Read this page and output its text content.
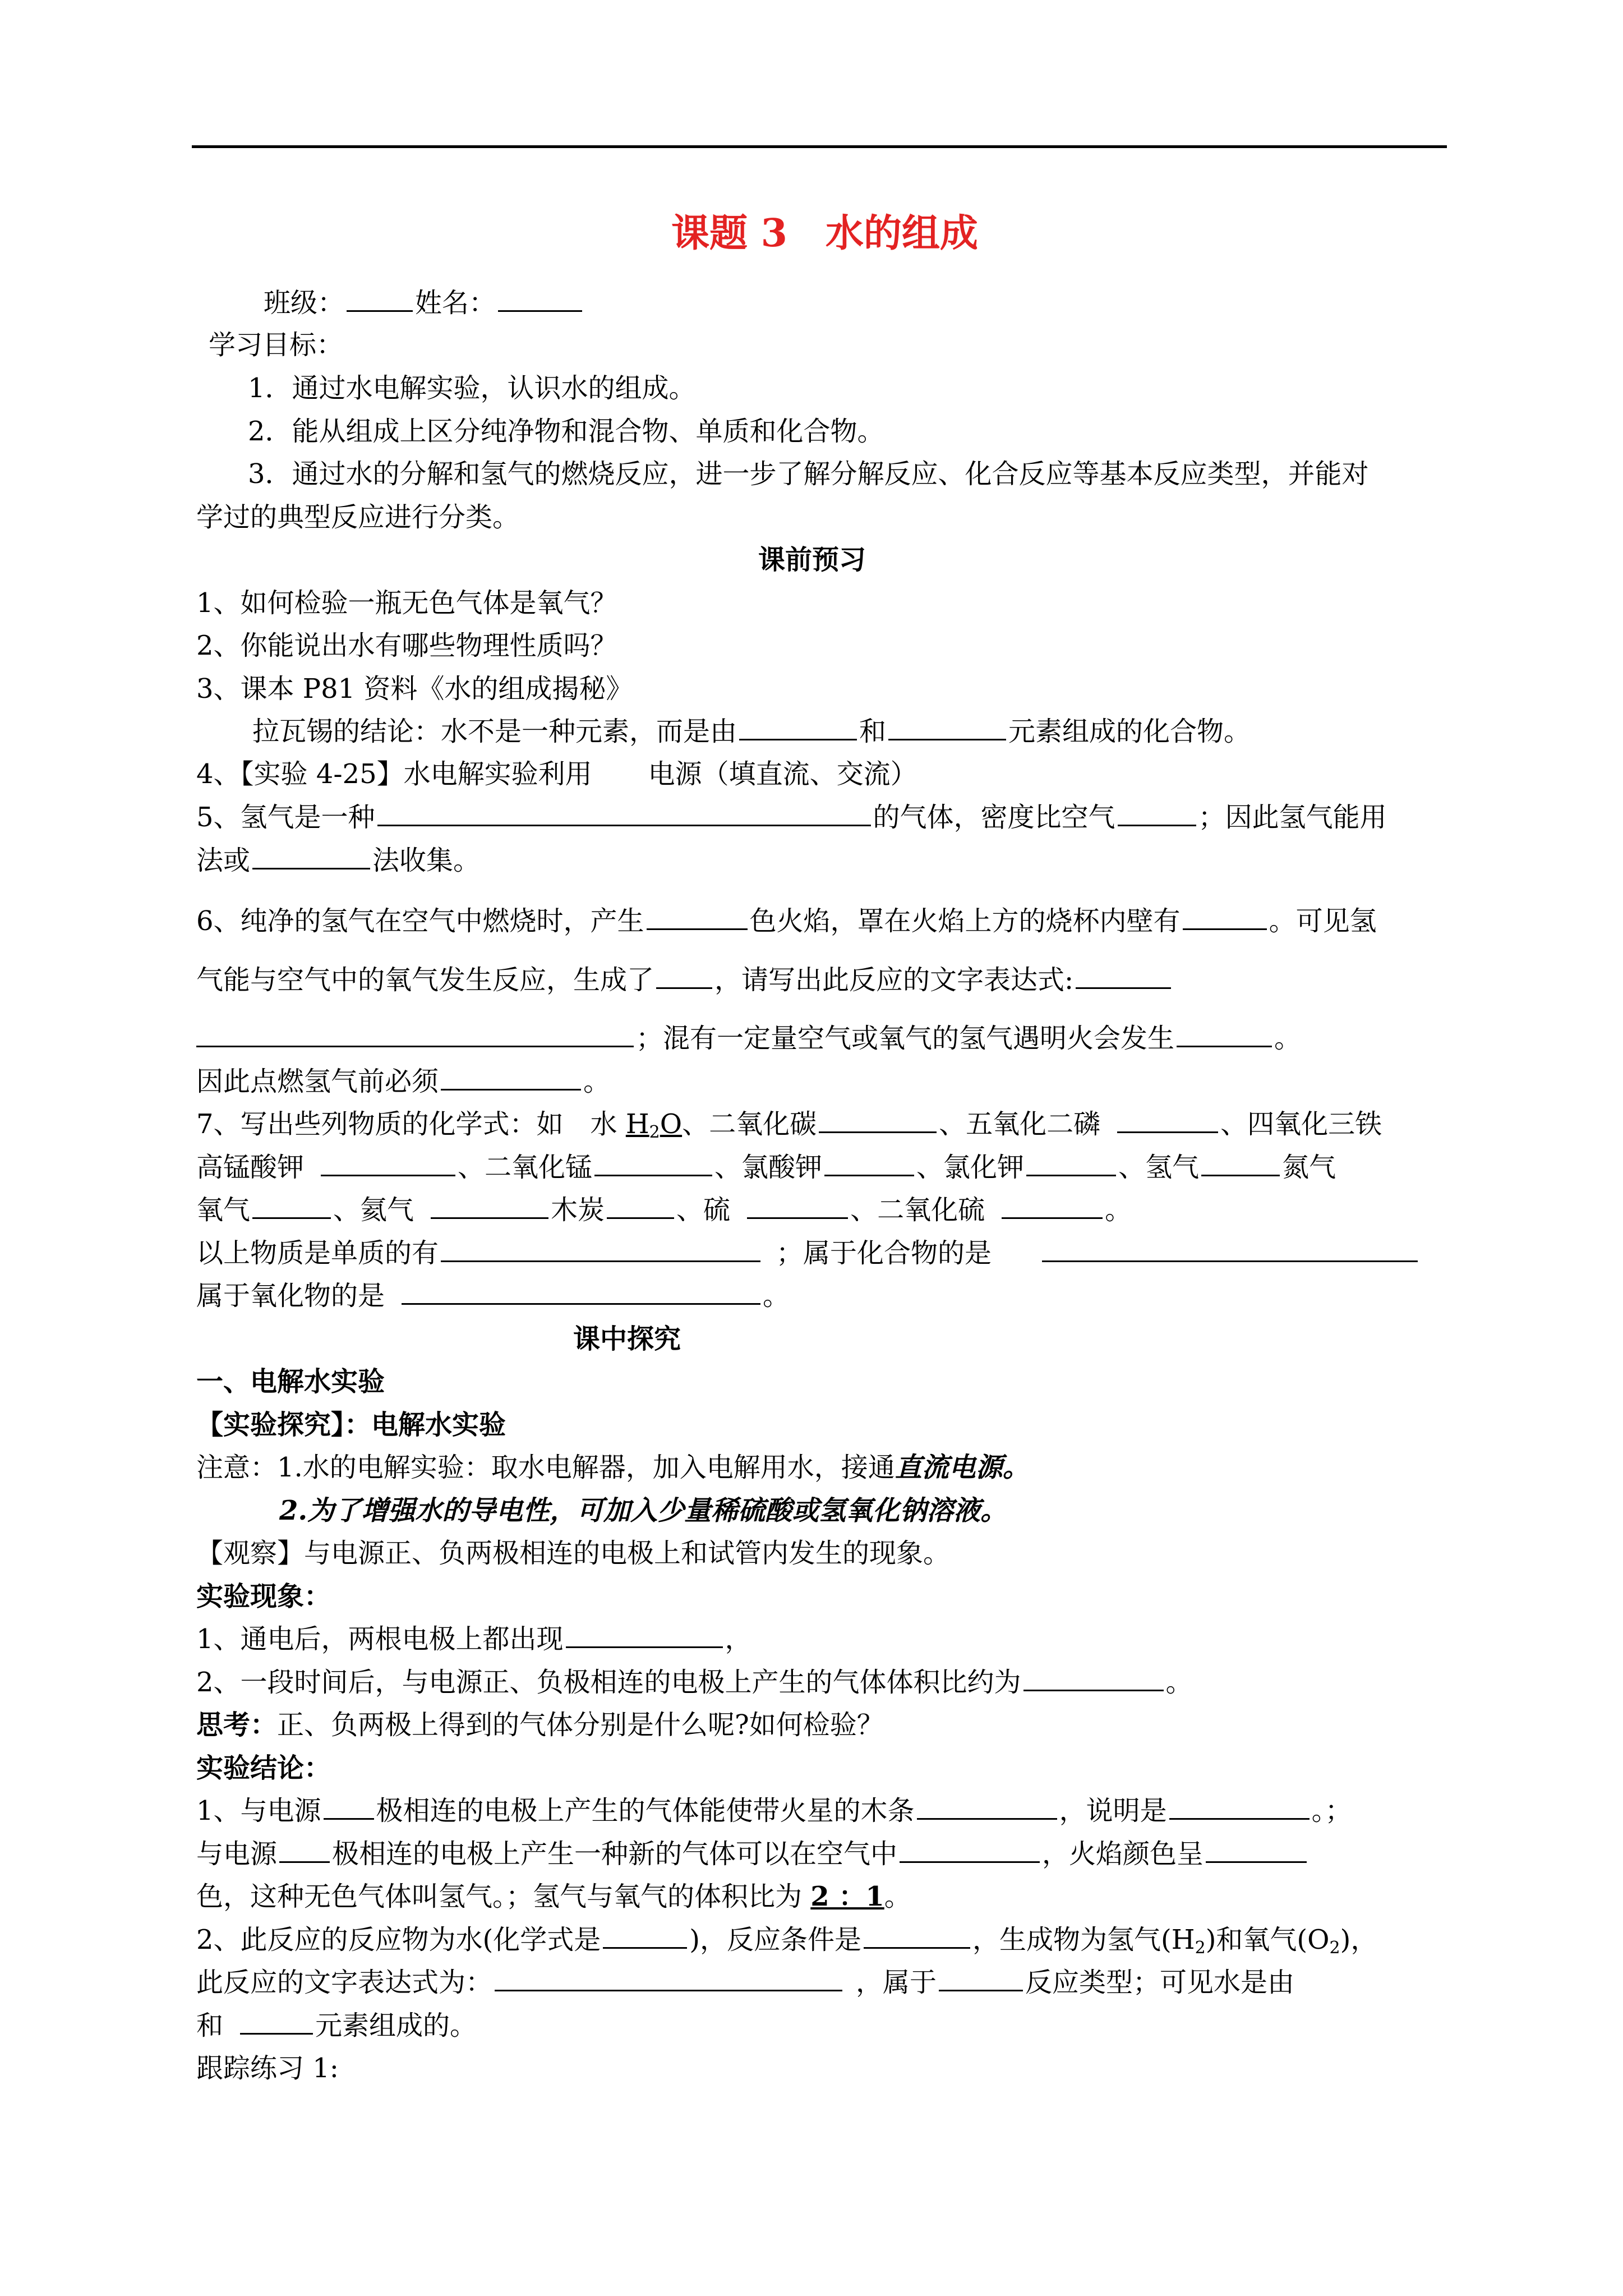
课题 3　水的组成
班级：	姓名：
学习目标：
1．通过水电解实验，认识水的组成。
2．能从组成上区分纯净物和混合物、单质和化合物。
3．通过水的分解和氢气的燃烧反应，进一步了解分解反应、化合反应等基本反应类型，并能对
学过的典型反应进行分类。
课前预习
1、如何检验一瓶无色气体是氧气？
2、你能说出水有哪些物理性质吗？
3、课本 P81 资料《水的组成揭秘》
拉瓦锡的结论：水不是一种元素，而是由	和	元素组成的化合物。
4、【实验 4-25】水电解实验利用 电源（填直流、交流）
5、氢气是一种	的气体，密度比空气	；因此氢气能用
法或	法收集。
6、纯净的氢气在空气中燃烧时，产生	色火焰，罩在火焰上方的烧杯内壁有	。可见氢
气能与空气中的氧气发生反应，生成了 ，请写出此反应的文字表达式:
；混有一定量空气或氧气的氢气遇明火会发生	。
因此点燃氢气前必须	。
7、写出些列物质的化学式：如　水 $H_2O$、二氧化碳	、五氧化二磷	、四氧化三铁
高锰酸钾	、二氧化锰	、氯酸钾	、氯化钾	、氢气	氮气
氧气	、氦气	木炭	、硫	、二氧化硫	。
以上物质是单质的有	；属于化合物的是
属于氧化物的是	。
课中探究
一、电解水实验
【实验探究】：电解水实验
注意：1.水的电解实验：取水电解器，加入电解用水，接通直流电源。
2.为了增强水的导电性，可加入少量稀硫酸或氢氧化钠溶液。
【观察】与电源正、负两极相连的电极上和试管内发生的现象。
实验现象：
1、通电后，两根电极上都出现	，
2、一段时间后，与电源正、负极相连的电极上产生的气体体积比约为	。
思考：正、负两极上得到的气体分别是什么呢?如何检验？
实验结论：
1、与电源 极相连的电极上产生的气体能使带火星的木条	，说明是	。；
与电源 极相连的电极上产生一种新的气体可以在空气中	，火焰颜色呈
色，这种无色气体叫氢气。；氢气与氧气的体积比为 2 ：1。
2、此反应的反应物为水(化学式是	)，反应条件是	，生成物为氢气$(H_2)$和氧气$(O_2)$，
此反应的文字表达式为：	，属于	反应类型；可见水是由
和	元素组成的。
跟踪练习 1:
